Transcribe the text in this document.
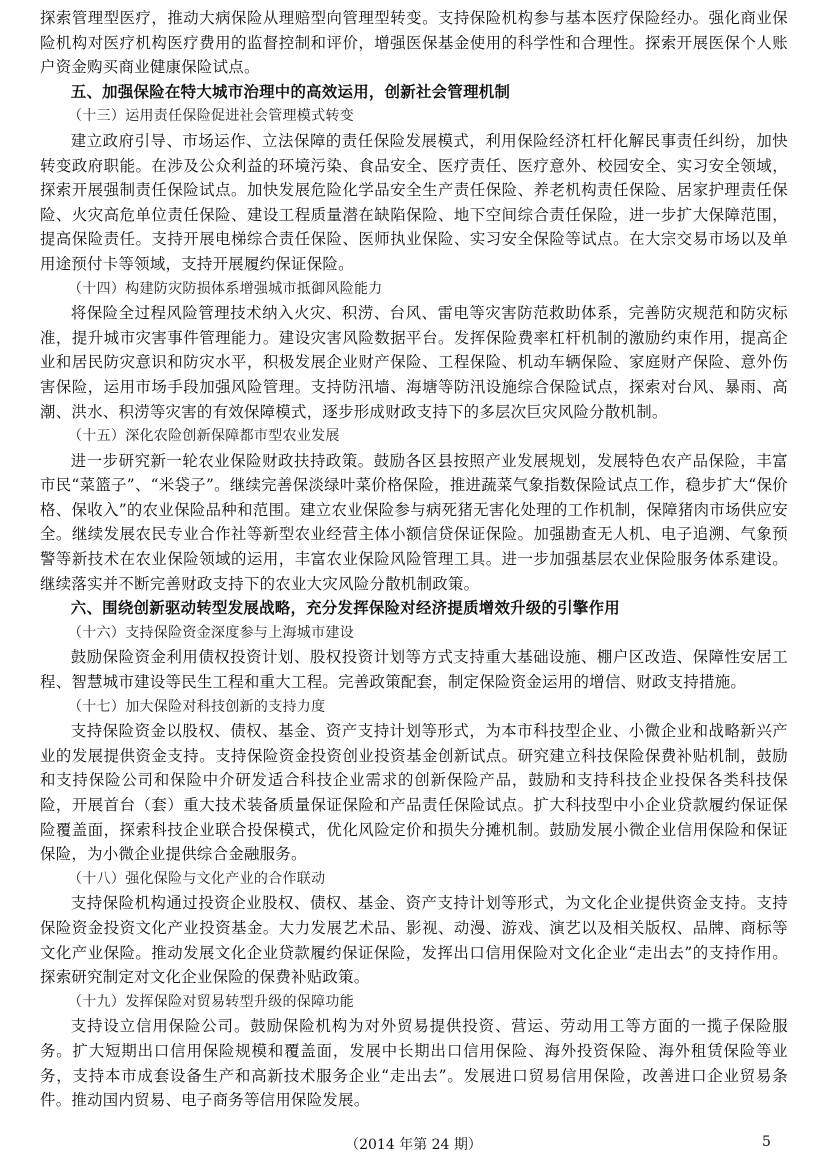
探索管理型医疗，推动大病保险从理赔型向管理型转变。支持保险机构参与基本医疗保险经办。强化商业保险机构对医疗机构医疗费用的监督控制和评价，增强医保基金使用的科学性和合理性。探索开展医保个人账户资金购买商业健康保险试点。

五、加强保险在特大城市治理中的高效运用，创新社会管理机制

（十三）运用责任保险促进社会管理模式转变

建立政府引导、市场运作、立法保障的责任保险发展模式，利用保险经济杠杆化解民事责任纠纷，加快转变政府职能。在涉及公众利益的环境污染、食品安全、医疗责任、医疗意外、校园安全、实习安全领域，探索开展强制责任保险试点。加快发展危险化学品安全生产责任保险、养老机构责任保险、居家护理责任保险、火灾高危单位责任保险、建设工程质量潜在缺陷保险、地下空间综合责任保险，进一步扩大保障范围，提高保险责任。支持开展电梯综合责任保险、医师执业保险、实习安全保险等试点。在大宗交易市场以及单用途预付卡等领域，支持开展履约保证保险。

（十四）构建防灾防损体系增强城市抵御风险能力

将保险全过程风险管理技术纳入火灾、积涝、台风、雷电等灾害防范救助体系，完善防灾规范和防灾标准，提升城市灾害事件管理能力。建设灾害风险数据平台。发挥保险费率杠杆机制的激励约束作用，提高企业和居民防灾意识和防灾水平，积极发展企业财产保险、工程保险、机动车辆保险、家庭财产保险、意外伤害保险，运用市场手段加强风险管理。支持防汛墙、海塘等防汛设施综合保险试点，探索对台风、暴雨、高潮、洪水、积涝等灾害的有效保障模式，逐步形成财政支持下的多层次巨灾风险分散机制。

（十五）深化农险创新保障都市型农业发展

进一步研究新一轮农业保险财政扶持政策。鼓励各区县按照产业发展规划，发展特色农产品保险，丰富市民“菜篮子”、“米袋子”。继续完善保淡绿叶菜价格保险，推进蔬菜气象指数保险试点工作，稳步扩大“保价格、保收入”的农业保险品种和范围。建立农业保险参与病死猪无害化处理的工作机制，保障猪肉市场供应安全。继续发展农民专业合作社等新型农业经营主体小额信贷保证保险。加强勘查无人机、电子追溯、气象预警等新技术在农业保险领域的运用，丰富农业保险风险管理工具。进一步加强基层农业保险服务体系建设。继续落实并不断完善财政支持下的农业大灾风险分散机制政策。

六、围绕创新驱动转型发展战略，充分发挥保险对经济提质增效升级的引擎作用

（十六）支持保险资金深度参与上海城市建设

鼓励保险资金利用债权投资计划、股权投资计划等方式支持重大基础设施、棚户区改造、保障性安居工程、智慧城市建设等民生工程和重大工程。完善政策配套，制定保险资金运用的增信、财政支持措施。

（十七）加大保险对科技创新的支持力度

支持保险资金以股权、债权、基金、资产支持计划等形式，为本市科技型企业、小微企业和战略新兴产业的发展提供资金支持。支持保险资金投资创业投资基金创新试点。研究建立科技保险保费补贴机制，鼓励和支持保险公司和保险中介研发适合科技企业需求的创新保险产品，鼓励和支持科技企业投保各类科技保险，开展首台（套）重大技术装备质量保证保险和产品责任保险试点。扩大科技型中小企业贷款履约保证保险覆盖面，探索科技企业联合投保模式，优化风险定价和损失分摊机制。鼓励发展小微企业信用保险和保证保险，为小微企业提供综合金融服务。

（十八）强化保险与文化产业的合作联动

支持保险机构通过投资企业股权、债权、基金、资产支持计划等形式，为文化企业提供资金支持。支持保险资金投资文化产业投资基金。大力发展艺术品、影视、动漫、游戏、演艺以及相关版权、品牌、商标等文化产业保险。推动发展文化企业贷款履约保证保险，发挥出口信用保险对文化企业“走出去”的支持作用。探索研究制定对文化企业保险的保费补贴政策。

（十九）发挥保险对贸易转型升级的保障功能

支持设立信用保险公司。鼓励保险机构为对外贸易提供投资、营运、劳动用工等方面的一揽子保险服务。扩大短期出口信用保险规模和覆盖面，发展中长期出口信用保险、海外投资保险、海外租赁保险等业务，支持本市成套设备生产和高新技术服务企业“走出去”。发展进口贸易信用保险，改善进口企业贸易条件。推动国内贸易、电子商务等信用保险发展。

（2014 年第 24 期）	5
